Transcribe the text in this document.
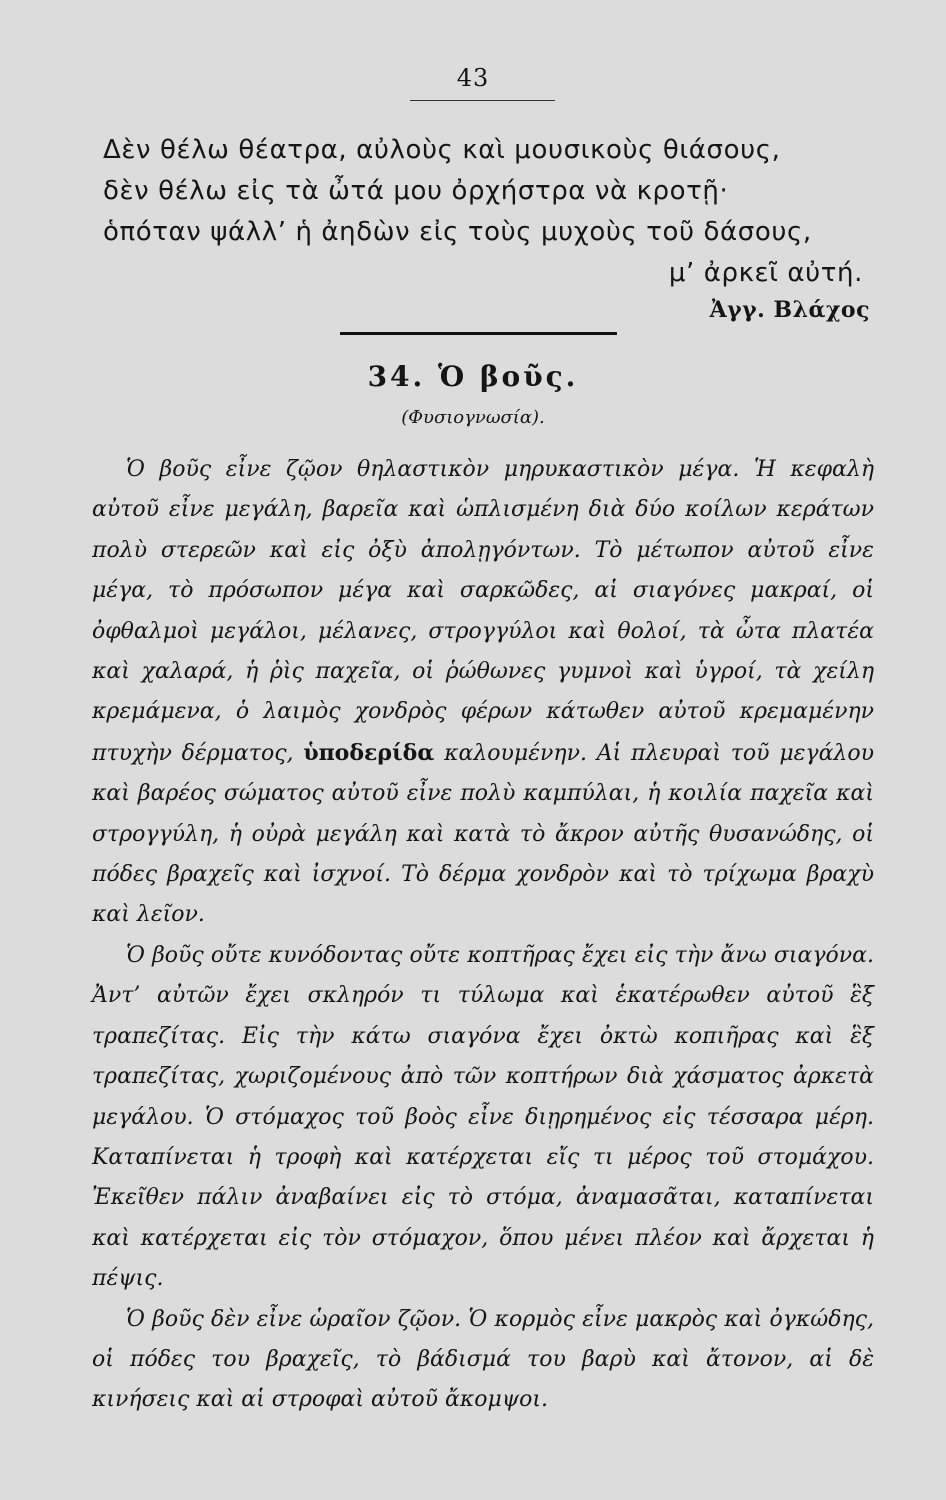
43
Δὲν θέλω θέατρα, αὐλοὺς καὶ μουσικοὺς θιάσους,
δὲν θέλω εἰς τὰ ὦτά μου ὀρχήστρα νὰ κροτῇ·
ὁπόταν ψάλλ’ ἡ ἀηδὼν εἰς τοὺς μυχοὺς τοῦ δάσους,
μ’ ἀρκεῖ αὐτή.
Ἀγγ. Βλάχος
34. Ὁ βοῦς.
(Φυσιογνωσία).

Ὁ βοῦς εἶνε ζῷον θηλαστικὸν μηρυκαστικὸν μέγα. Ἡ κεφαλὴ αὐτοῦ εἶνε μεγάλη, βαρεῖα καὶ ὡπλισμένη διὰ δύο κοίλων κεράτων πολὺ στερεῶν καὶ εἰς ὀξὺ ἀπολῃγόντων. Τὸ μέτωπον αὐτοῦ εἶνε μέγα, τὸ πρόσωπον μέγα καὶ σαρκῶδες, αἱ σιαγόνες μακραί, οἱ ὀφθαλμοὶ μεγάλοι, μέλανες, στρογγύλοι καὶ θολοί, τὰ ὦτα πλατέα καὶ χαλαρά, ἡ ῥὶς παχεῖα, οἱ ῥώθωνες γυμνοὶ καὶ ὑγροί, τὰ χείλη κρεμάμενα, ὁ λαιμὸς χονδρὸς φέρων κάτωθεν αὐτοῦ κρεμαμένην πτυχὴν δέρματος, ὑποδερίδα καλουμένην. Αἱ πλευραὶ τοῦ μεγάλου καὶ βαρέος σώματος αὐτοῦ εἶνε πολὺ καμπύλαι, ἡ κοιλία παχεῖα καὶ στρογγύλη, ἡ οὐρὰ μεγάλη καὶ κατὰ τὸ ἄκρον αὐτῆς θυσανώδης, οἱ πόδες βραχεῖς καὶ ἰσχνοί. Τὸ δέρμα χονδρὸν καὶ τὸ τρίχωμα βραχὺ καὶ λεῖον.

Ὁ βοῦς οὔτε κυνόδοντας οὔτε κοπτῆρας ἔχει εἰς τὴν ἄνω σιαγόνα. Ἀντ’ αὐτῶν ἔχει σκληρόν τι τύλωμα καὶ ἑκατέρωθεν αὐτοῦ ἓξ τραπεζίτας. Εἰς τὴν κάτω σιαγόνα ἔχει ὀκτὼ κοπιῆρας καὶ ἓξ τραπεζίτας, χωριζομένους ἀπὸ τῶν κοπτήρων διὰ χάσματος ἀρκετὰ μεγάλου. Ὁ στόμαχος τοῦ βοὸς εἶνε διῃρημένος εἰς τέσσαρα μέρη. Καταπίνεται ἡ τροφὴ καὶ κατέρχεται εἴς τι μέρος τοῦ στομάχου. Ἐκεῖθεν πάλιν ἀναβαίνει εἰς τὸ στόμα, ἀναμασᾶται, καταπίνεται καὶ κατέρχεται εἰς τὸν στόμαχον, ὅπου μένει πλέον καὶ ἄρχεται ἡ πέψις.

Ὁ βοῦς δὲν εἶνε ὡραῖον ζῷον. Ὁ κορμὸς εἶνε μακρὸς καὶ ὀγκώδης, οἱ πόδες του βραχεῖς, τὸ βάδισμά του βαρὺ καὶ ἄτονον, αἱ δὲ κινήσεις καὶ αἱ στροφαὶ αὐτοῦ ἄκομψοι.
